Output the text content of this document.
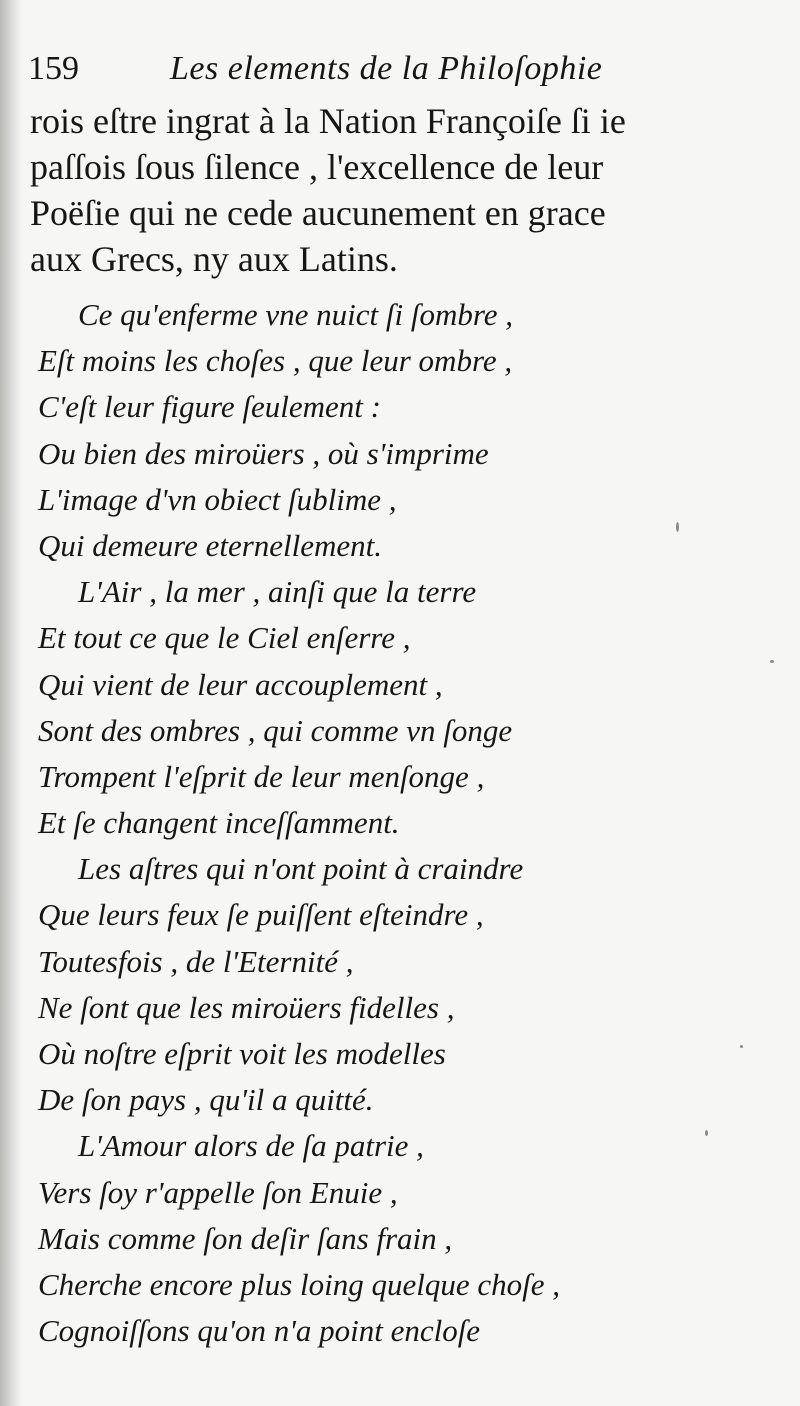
159	Les elements de la Philoſophie
rois eſtre ingrat à la Nation Françoiſe ſi ie
paſſois ſous ſilence , l'excellence de leur
Poëſie qui ne cede aucunement en grace
aux Grecs, ny aux Latins.
Ce qu'enferme vne nuict ſi ſombre ,
Eſt moins les choſes , que leur ombre ,
C'eſt leur figure ſeulement :
Ou bien des miroüers , où s'imprime
L'image d'vn obiect ſublime ,
Qui demeure eternellement.
L'Air , la mer , ainſi que la terre
Et tout ce que le Ciel enſerre ,
Qui vient de leur accouplement ,
Sont des ombres , qui comme vn ſonge
Trompent l'eſprit de leur menſonge ,
Et ſe changent inceſſamment.
Les aſtres qui n'ont point à craindre
Que leurs feux ſe puiſſent eſteindre ,
Toutesfois , de l'Eternité ,
Ne ſont que les miroüers fidelles ,
Où noſtre eſprit voit les modelles
De ſon pays , qu'il a quitté.
L'Amour alors de ſa patrie ,
Vers ſoy r'appelle ſon Enuie ,
Mais comme ſon deſir ſans frain ,
Cherche encore plus loing quelque choſe ,
Cognoiſſons qu'on n'a point encloſe
